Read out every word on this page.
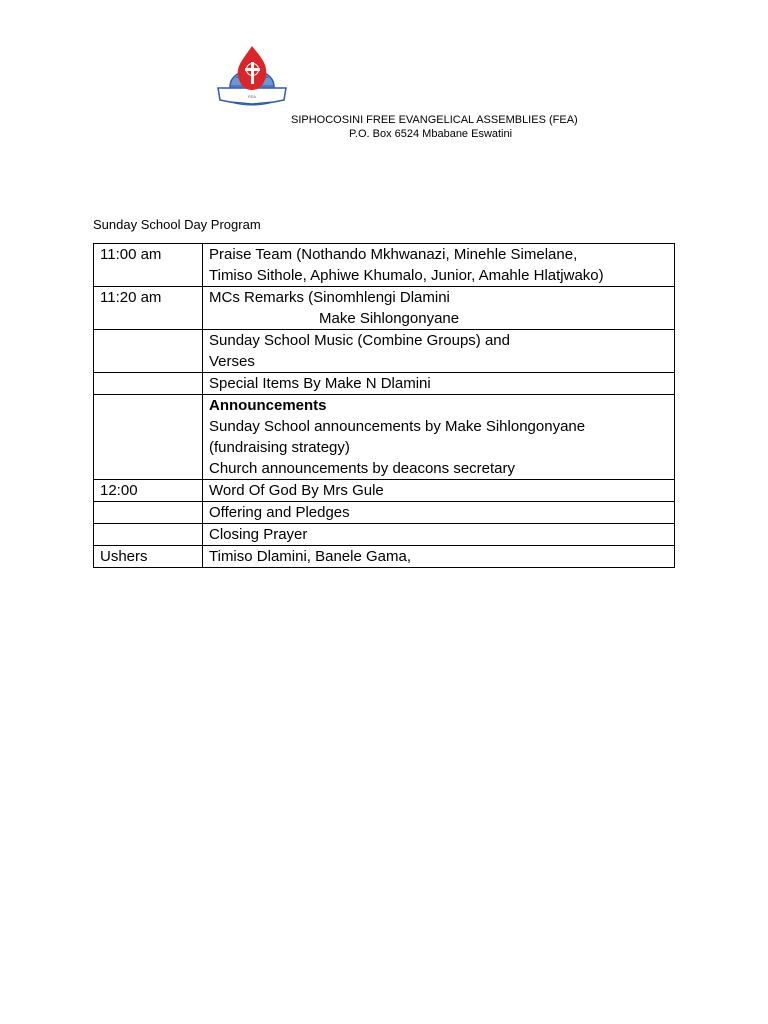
FEA
SIPHOCOSINI FREE EVANGELICAL ASSEMBLIES (FEA)
P.O. Box 6524 Mbabane Eswatini
Sunday School Day Program
11:00 am	Praise Team (Nothando Mkhwanazi, Minehle Simelane,
Timiso Sithole, Aphiwe Khumalo, Junior, Amahle Hlatjwako)

11:20 am	MCs Remarks (Sinomhlengi Dlamini
Make Sihlongonyane

	Sunday School Music (Combine Groups) and
Verses

	Special Items By Make N Dlamini

	Announcements
Sunday School announcements by Make Sihlongonyane
(fundraising strategy)
Church announcements by deacons secretary

12:00	Word Of God By Mrs Gule

	Offering and Pledges

	Closing Prayer

Ushers	Timiso Dlamini, Banele Gama,
